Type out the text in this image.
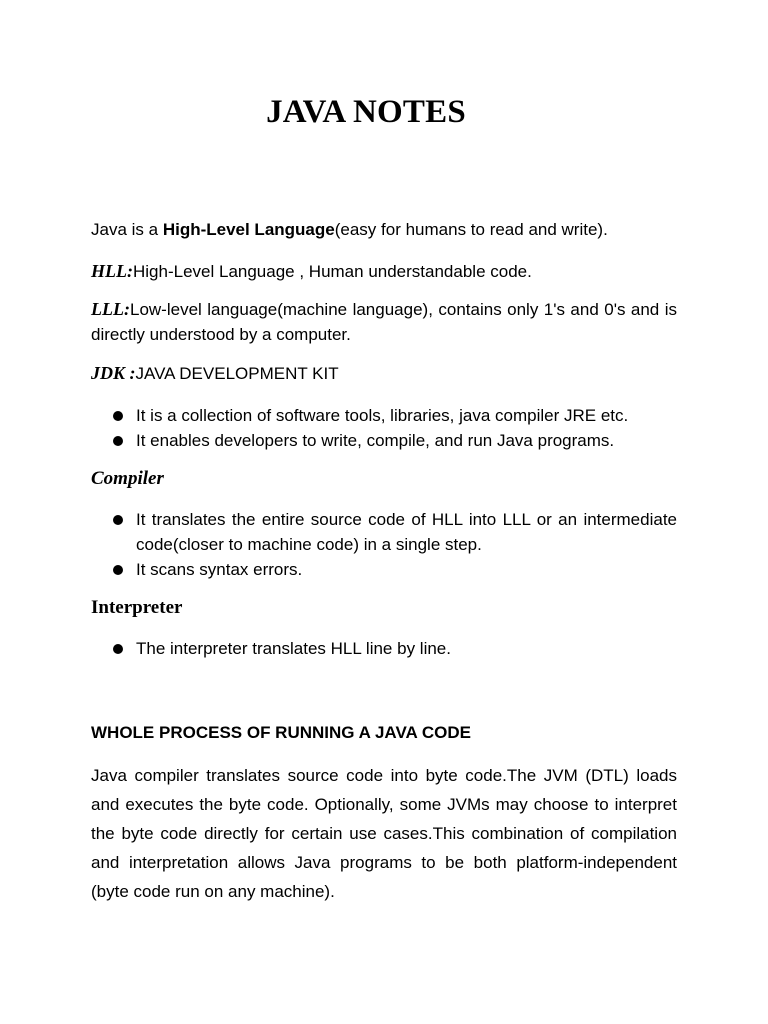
JAVA NOTES

Java is a High-Level Language(easy for humans to read and write).

HLL:High-Level Language , Human understandable code.

LLL:Low-level language(machine language), contains only 1's and 0's and is directly understood by a computer.

JDK :JAVA DEVELOPMENT KIT

It is a collection of software tools, libraries, java compiler JRE etc.
It enables developers to write, compile, and run Java programs.

Compiler

It translates the entire source code of HLL into LLL or an intermediate code(closer to machine code) in a single step.
It scans syntax errors.

Interpreter

The interpreter translates HLL line by line.

WHOLE PROCESS OF RUNNING A JAVA CODE

Java compiler translates source code into byte code.The JVM (DTL) loads and executes the byte code. Optionally, some JVMs may choose to interpret the byte code directly for certain use cases.This combination of compilation and interpretation allows Java programs to be both platform-independent (byte code run on any machine).
